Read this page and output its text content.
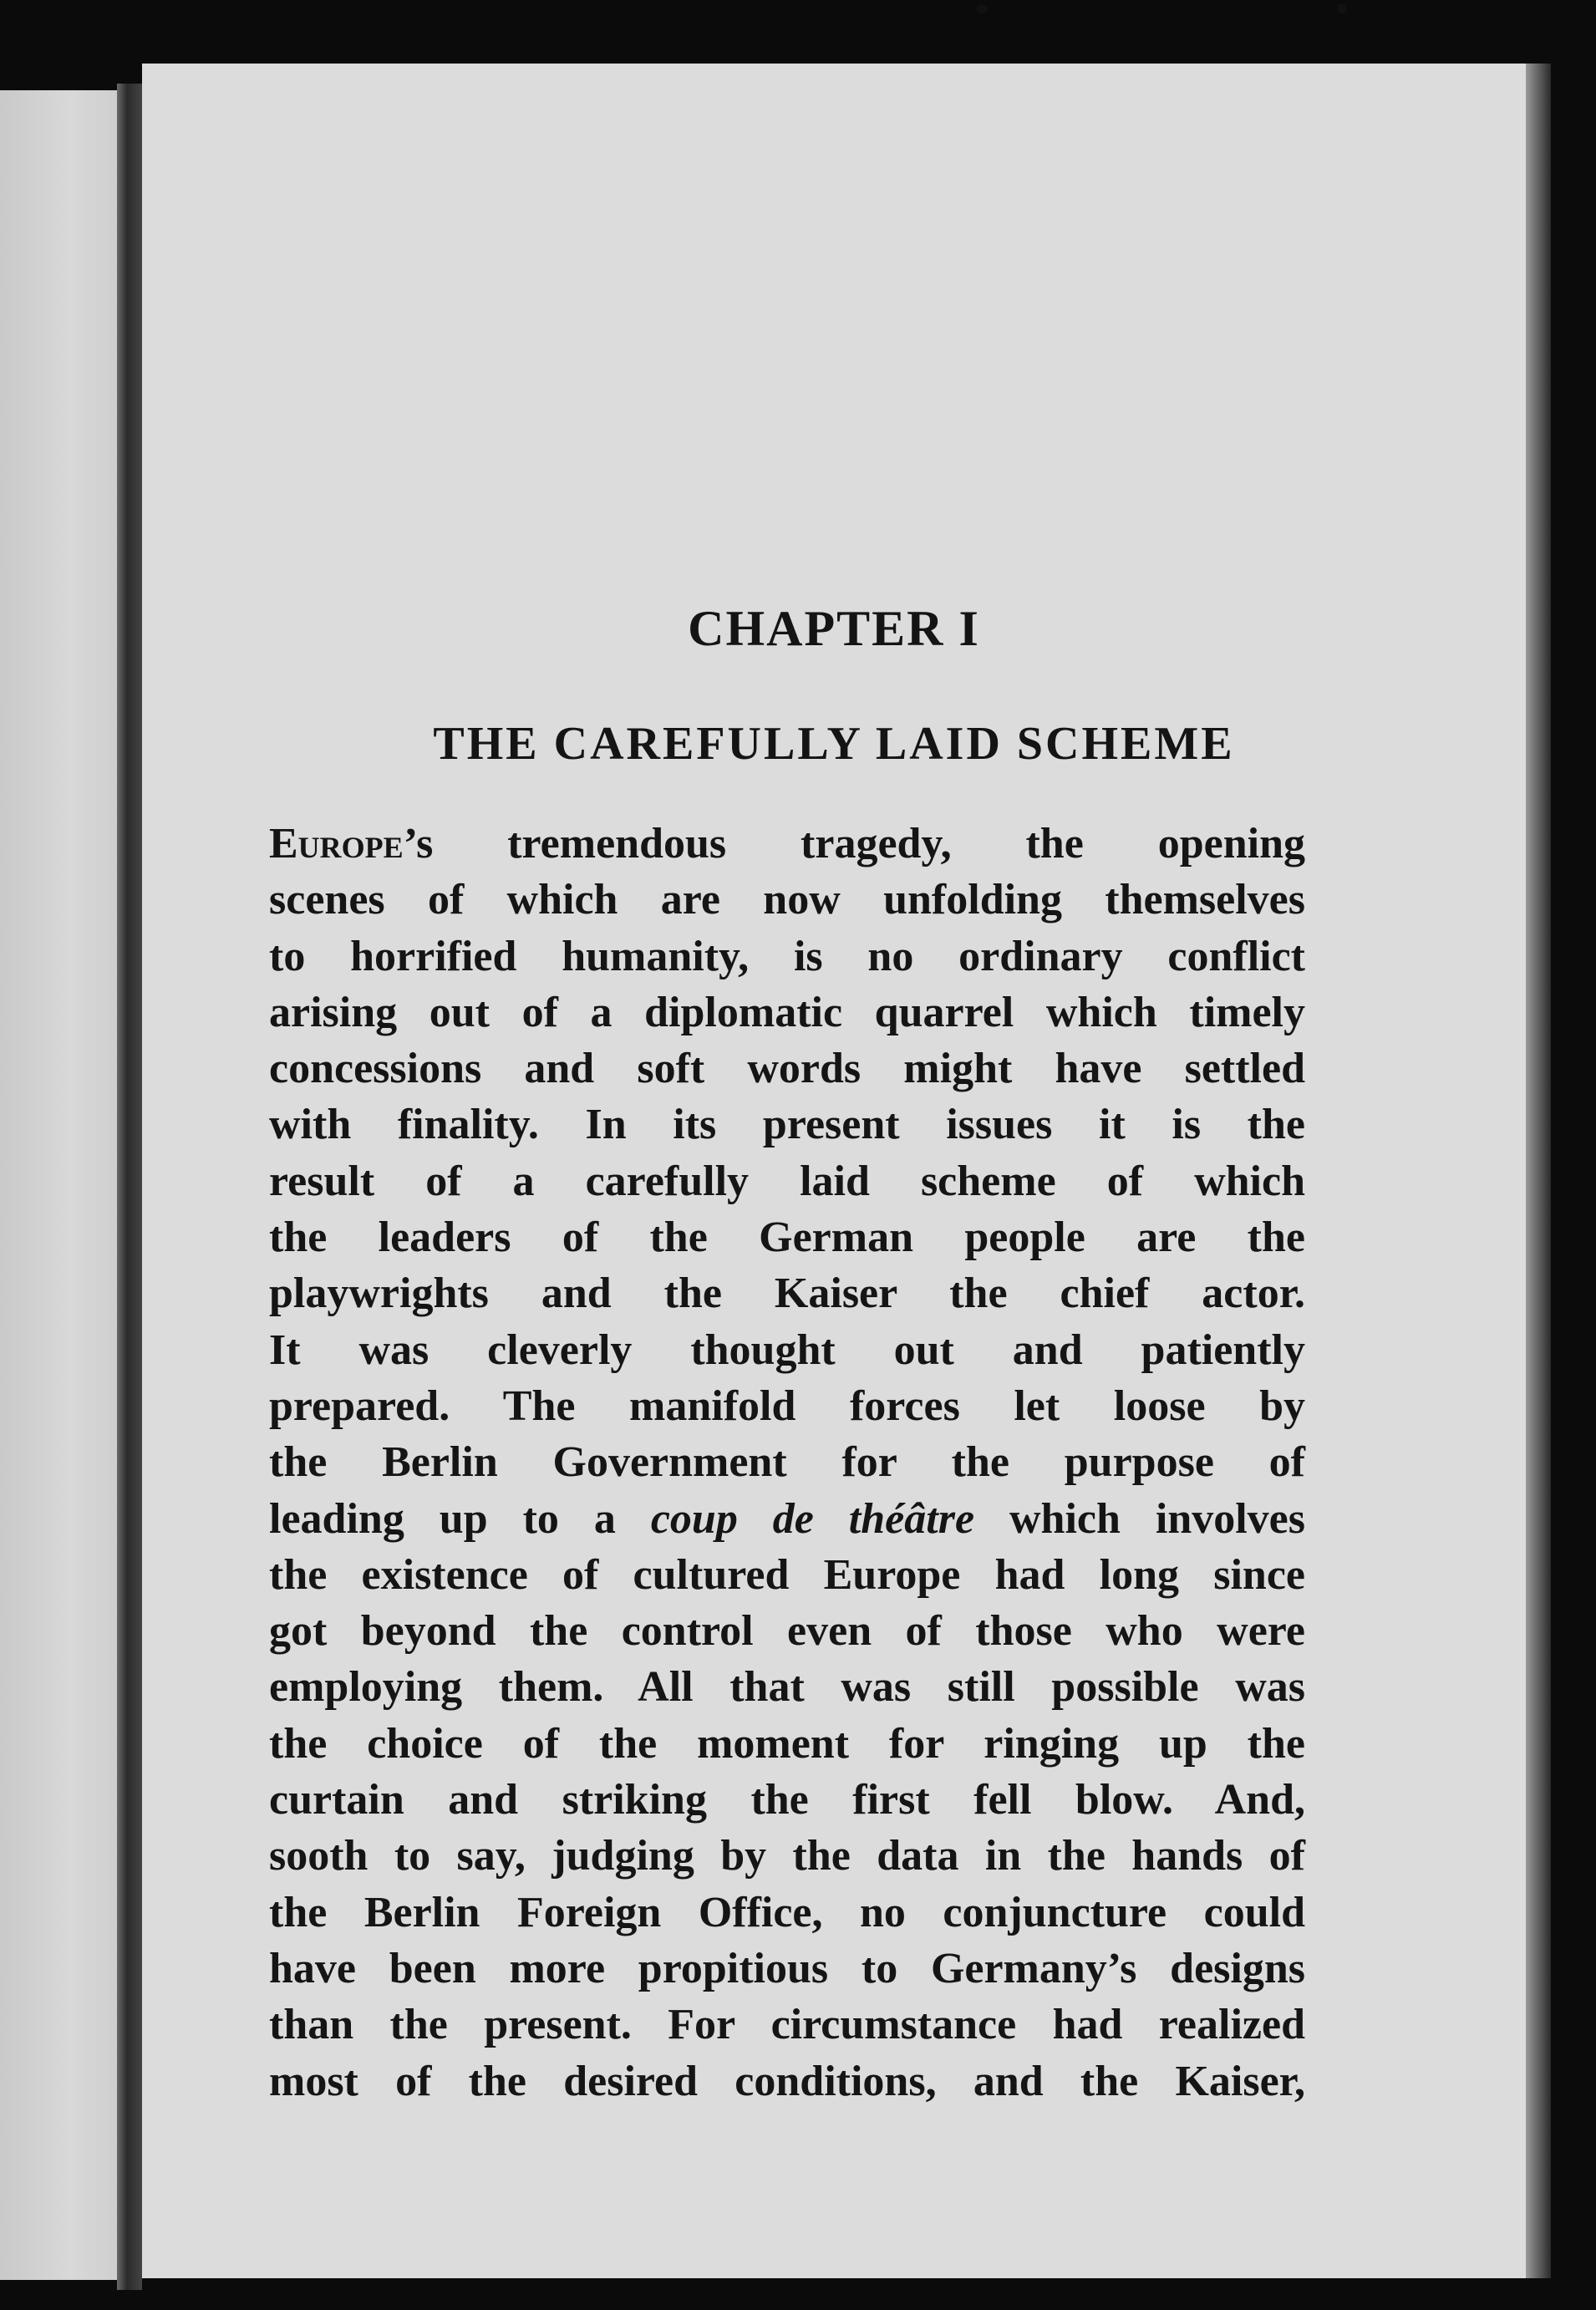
CHAPTER I
THE CAREFULLY LAID SCHEME
Europe’s tremendous tragedy, the opening
scenes of which are now unfolding themselves
to horrified humanity, is no ordinary conflict
arising out of a diplomatic quarrel which timely
concessions and soft words might have settled
with finality. In its present issues it is the
result of a carefully laid scheme of which
the leaders of the German people are the
playwrights and the Kaiser the chief actor.
It was cleverly thought out and patiently
prepared. The manifold forces let loose by
the Berlin Government for the purpose of
leading up to a coup de théâtre which involves
the existence of cultured Europe had long since
got beyond the control even of those who were
employing them. All that was still possible was
the choice of the moment for ringing up the
curtain and striking the first fell blow. And,
sooth to say, judging by the data in the hands of
the Berlin Foreign Office, no conjuncture could
have been more propitious to Germany’s designs
than the present. For circumstance had realized
most of the desired conditions, and the Kaiser,
